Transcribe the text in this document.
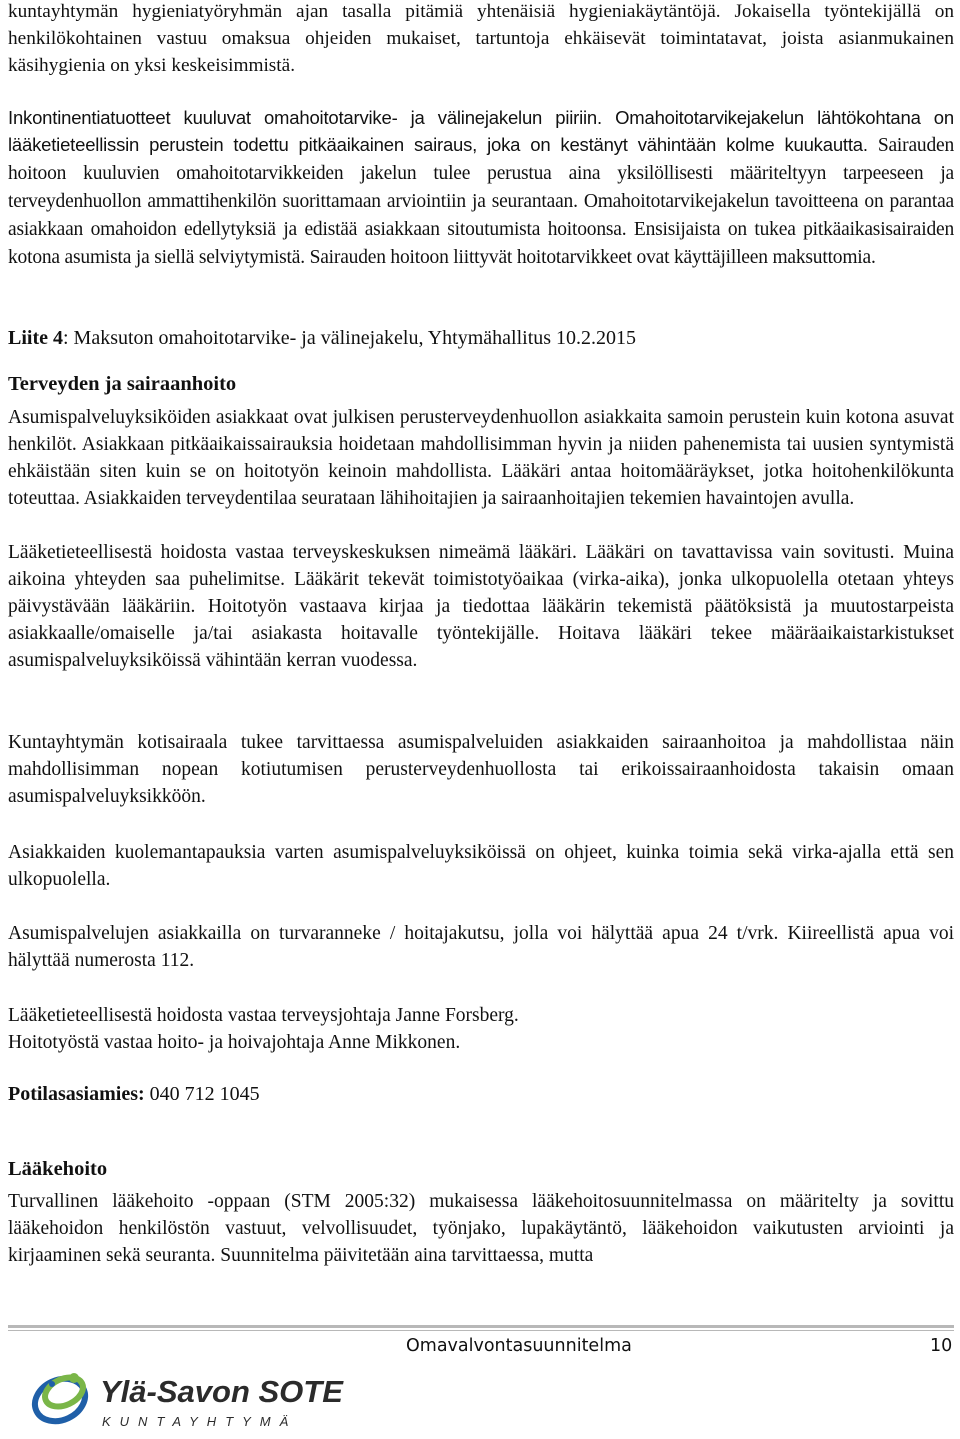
kuntayhtymän hygieniatyöryhmän ajan tasalla pitämiä yhtenäisiä hygieniakäytäntöjä. Jokaisella työntekijällä on henkilökohtainen vastuu omaksua ohjeiden mukaiset, tartuntoja ehkäisevät toimintatavat, joista asianmukainen käsihygienia on yksi keskeisimmistä.

Inkontinentiatuotteet kuuluvat omahoitotarvike- ja välinejakelun piiriin. Omahoitotarvikejakelun lähtökohtana on lääketieteellissin perustein todettu pitkäaikainen sairaus, joka on kestänyt vähintään kolme kuukautta. Sairauden hoitoon kuuluvien omahoitotarvikkeiden jakelun tulee perustua aina yksilöllisesti määriteltyyn tarpeeseen ja terveydenhuollon ammattihenkilön suorittamaan arviointiin ja seurantaan. Omahoitotarvikejakelun tavoitteena on parantaa asiakkaan omahoidon edellytyksiä ja edistää asiakkaan sitoutumista hoitoonsa. Ensisijaista on tukea pitkäaikasisairaiden kotona asumista ja siellä selviytymistä. Sairauden hoitoon liittyvät hoitotarvikkeet ovat käyttäjilleen maksuttomia.

Liite 4: Maksuton omahoitotarvike- ja välinejakelu, Yhtymähallitus 10.2.2015

Terveyden ja sairaanhoito

Asumispalveluyksiköiden asiakkaat ovat julkisen perusterveydenhuollon asiakkaita samoin perustein kuin kotona asuvat henkilöt. Asiakkaan pitkäaikaissairauksia hoidetaan mahdollisimman hyvin ja niiden pahenemista tai uusien syntymistä ehkäistään siten kuin se on hoitotyön keinoin mahdollista. Lääkäri antaa hoitomääräykset, jotka hoitohenkilökunta toteuttaa. Asiakkaiden terveydentilaa seurataan lähihoitajien ja sairaanhoitajien tekemien havaintojen avulla.

Lääketieteellisestä hoidosta vastaa terveyskeskuksen nimeämä lääkäri. Lääkäri on tavattavissa vain sovitusti. Muina aikoina yhteyden saa puhelimitse. Lääkärit tekevät toimistotyöaikaa (virka-aika), jonka ulkopuolella otetaan yhteys päivystävään lääkäriin. Hoitotyön vastaava kirjaa ja tiedottaa lääkärin tekemistä päätöksistä ja muutostarpeista asiakkaalle/omaiselle ja/tai asiakasta hoitavalle työntekijälle. Hoitava lääkäri tekee määräaikaistarkistukset asumispalveluyksiköissä vähintään kerran vuodessa.

Kuntayhtymän kotisairaala tukee tarvittaessa asumispalveluiden asiakkaiden sairaanhoitoa ja mahdollistaa näin mahdollisimman nopean kotiutumisen perusterveydenhuollosta tai erikoissairaanhoidosta takaisin omaan asumispalveluyksikköön.

Asiakkaiden kuolemantapauksia varten asumispalveluyksiköissä on ohjeet, kuinka toimia sekä virka-ajalla että sen ulkopuolella.

Asumispalvelujen asiakkailla on turvaranneke / hoitajakutsu, jolla voi hälyttää apua 24 t/vrk. Kiireellistä apua voi hälyttää numerosta 112.

Lääketieteellisestä hoidosta vastaa terveysjohtaja Janne Forsberg.

Hoitotyöstä vastaa hoito- ja hoivajohtaja Anne Mikkonen.

Potilasasiamies: 040 712 1045

Lääkehoito

Turvallinen lääkehoito -oppaan (STM 2005:32) mukaisessa lääkehoitosuunnitelmassa on määritelty ja sovittu lääkehoidon henkilöstön vastuut, velvollisuudet, työnjako, lupakäytäntö, lääkehoidon vaikutusten arviointi ja kirjaaminen sekä seuranta. Suunnitelma päivitetään aina tarvittaessa, mutta

Omavalvontasuunnitelma	10
Ylä-Savon SOTE
KUNTAYHTYMÄ
